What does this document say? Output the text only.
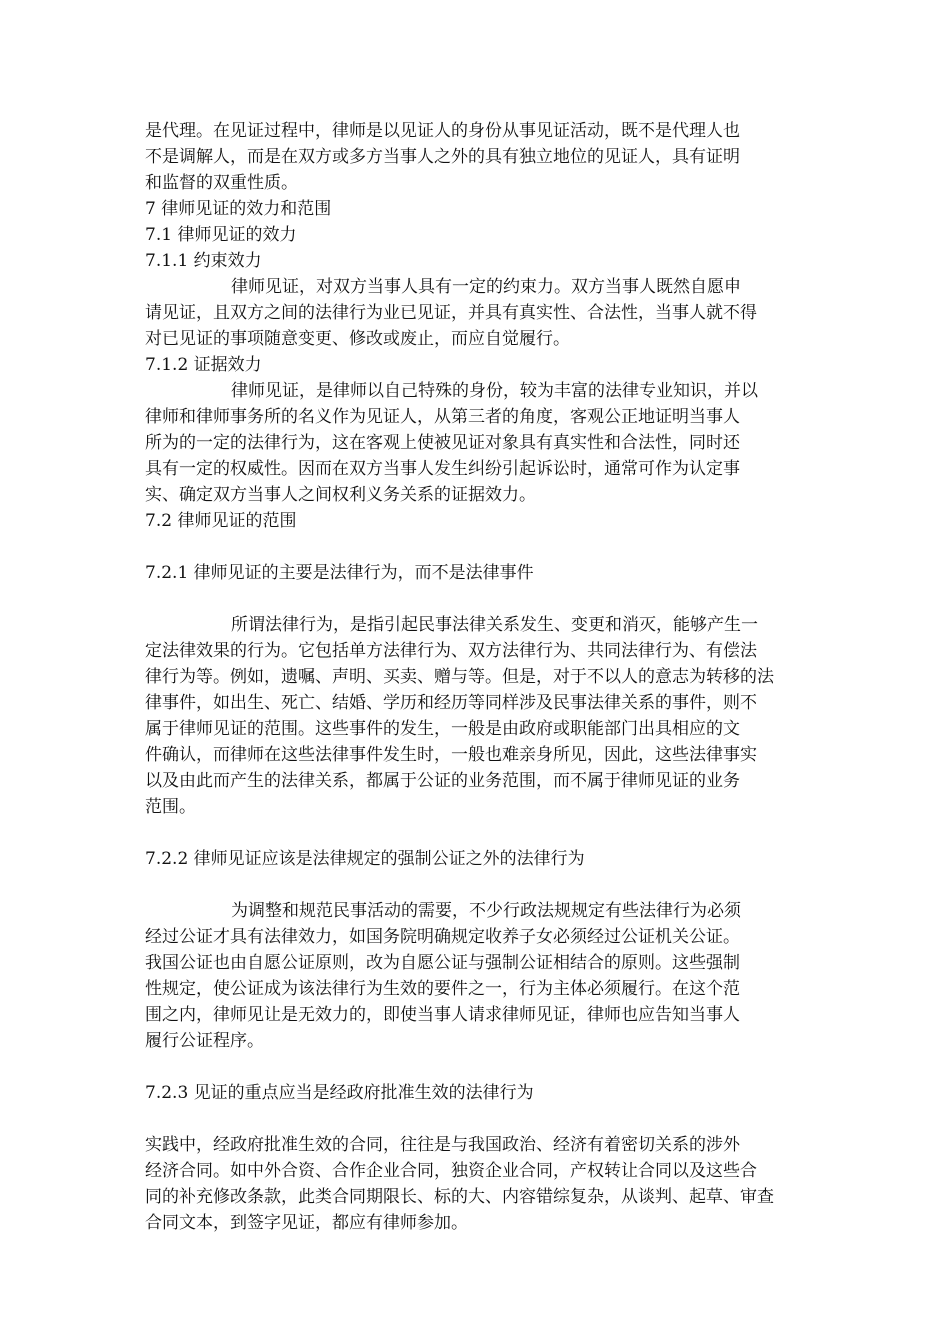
是代理。在见证过程中，律师是以见证人的身份从事见证活动，既不是代理人也
不是调解人，而是在双方或多方当事人之外的具有独立地位的见证人，具有证明
和监督的双重性质。
7 律师见证的效力和范围
7.1 律师见证的效力
7.1.1 约束效力
律师见证，对双方当事人具有一定的约束力。双方当事人既然自愿申
请见证，且双方之间的法律行为业已见证，并具有真实性、合法性，当事人就不得
对已见证的事项随意变更、修改或废止，而应自觉履行。
7.1.2 证据效力
律师见证，是律师以自己特殊的身份，较为丰富的法律专业知识，并以
律师和律师事务所的名义作为见证人，从第三者的角度，客观公正地证明当事人
所为的一定的法律行为，这在客观上使被见证对象具有真实性和合法性，同时还
具有一定的权威性。因而在双方当事人发生纠纷引起诉讼时，通常可作为认定事
实、确定双方当事人之间权利义务关系的证据效力。
7.2 律师见证的范围
7.2.1 律师见证的主要是法律行为，而不是法律事件
所谓法律行为，是指引起民事法律关系发生、变更和消灭，能够产生一
定法律效果的行为。它包括单方法律行为、双方法律行为、共同法律行为、有偿法
律行为等。例如，遗嘱、声明、买卖、赠与等。但是，对于不以人的意志为转移的法
律事件，如出生、死亡、结婚、学历和经历等同样涉及民事法律关系的事件，则不
属于律师见证的范围。这些事件的发生，一般是由政府或职能部门出具相应的文
件确认，而律师在这些法律事件发生时，一般也难亲身所见，因此，这些法律事实
以及由此而产生的法律关系，都属于公证的业务范围，而不属于律师见证的业务
范围。
7.2.2 律师见证应该是法律规定的强制公证之外的法律行为
为调整和规范民事活动的需要，不少行政法规规定有些法律行为必须
经过公证才具有法律效力，如国务院明确规定收养子女必须经过公证机关公证。
我国公证也由自愿公证原则，改为自愿公证与强制公证相结合的原则。这些强制
性规定，使公证成为该法律行为生效的要件之一，行为主体必须履行。在这个范
围之内，律师见让是无效力的，即使当事人请求律师见证，律师也应告知当事人
履行公证程序。
7.2.3 见证的重点应当是经政府批准生效的法律行为
实践中，经政府批准生效的合同，往往是与我国政治、经济有着密切关系的涉外
经济合同。如中外合资、合作企业合同，独资企业合同，产权转让合同以及这些合
同的补充修改条款，此类合同期限长、标的大、内容错综复杂，从谈判、起草、审查
合同文本，到签字见证，都应有律师参加。
